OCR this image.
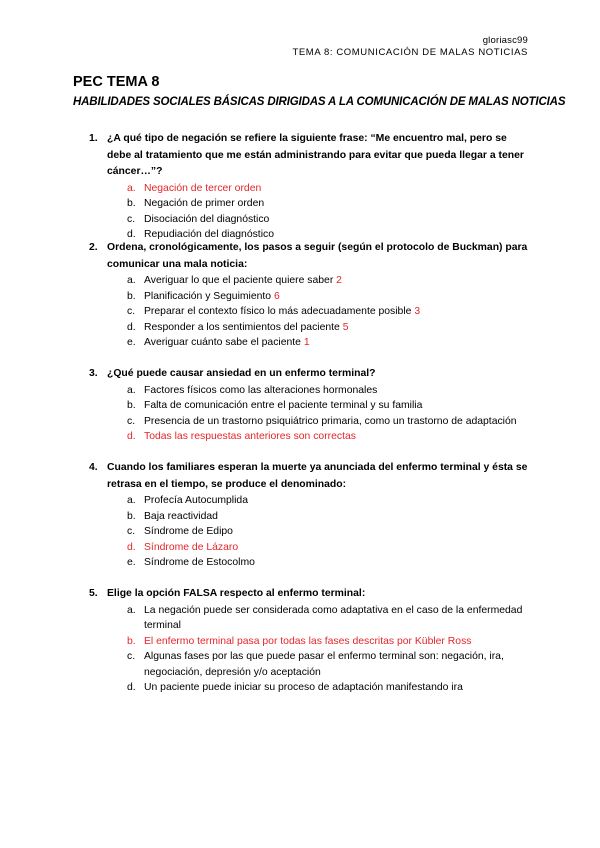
gloriasc99
TEMA 8: COMUNICACIÓN DE MALAS NOTICIAS
PEC TEMA 8
HABILIDADES SOCIALES BÁSICAS DIRIGIDAS A LA COMUNICACIÓN DE MALAS NOTICIAS
1. ¿A qué tipo de negación se refiere la siguiente frase: “Me encuentro mal, pero se debe al tratamiento que me están administrando para evitar que pueda llegar a tener cáncer…”?
a. Negación de tercer orden
b. Negación de primer orden
c. Disociación del diagnóstico
d. Repudiación del diagnóstico
2. Ordena, cronológicamente, los pasos a seguir (según el protocolo de Buckman) para comunicar una mala noticia:
a. Averiguar lo que el paciente quiere saber 2
b. Planificación y Seguimiento 6
c. Preparar el contexto físico lo más adecuadamente posible 3
d. Responder a los sentimientos del paciente 5
e. Averiguar cuánto sabe el paciente 1
3. ¿Qué puede causar ansiedad en un enfermo terminal?
a. Factores físicos como las alteraciones hormonales
b. Falta de comunicación entre el paciente terminal y su familia
c. Presencia de un trastorno psiquiátrico primaria, como un trastorno de adaptación
d. Todas las respuestas anteriores son correctas
4. Cuando los familiares esperan la muerte ya anunciada del enfermo terminal y ésta se retrasa en el tiempo, se produce el denominado:
a. Profecía Autocumplida
b. Baja reactividad
c. Síndrome de Edipo
d. Síndrome de Lázaro
e. Síndrome de Estocolmo
5. Elige la opción FALSA respecto al enfermo terminal:
a. La negación puede ser considerada como adaptativa en el caso de la enfermedad terminal
b. El enfermo terminal pasa por todas las fases descritas por Kübler Ross
c. Algunas fases por las que puede pasar el enfermo terminal son: negación, ira, negociación, depresión y/o aceptación
d. Un paciente puede iniciar su proceso de adaptación manifestando ira
